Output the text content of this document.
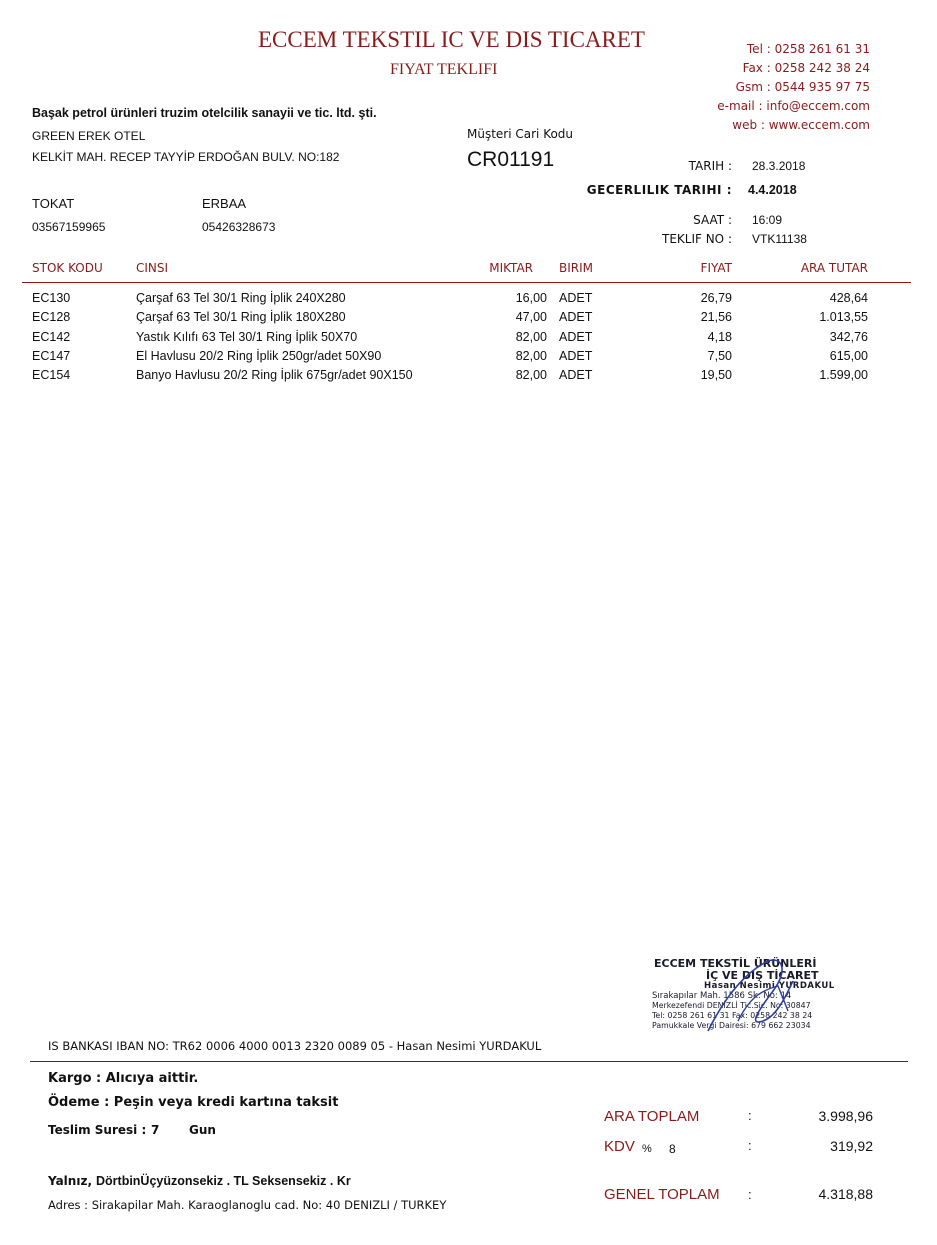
ECCEM TEKSTIL IC VE DIS TICARET
FIYAT TEKLIFI
Tel : 0258 261 61 31
Fax : 0258 242 38 24
Gsm : 0544 935 97 75
e-mail : info@eccem.com
web : www.eccem.com
Başak petrol ürünleri truzim otelcilik sanayii ve tic. ltd. şti.
GREEN EREK OTEL
KELKİT MAH. RECEP TAYYİP ERDOĞAN BULV. NO:182
TOKAT	ERBAA
03567159965	05426328673
Müşteri Cari Kodu
CR01191	TARIH : 28.3.2018
GECERLILIK TARIHI : 4.4.2018
SAAT : 16:09
TEKLIF NO : VTK11138
STOK KODU	CINSI	MIKTAR BIRIM	FIYAT	ARA TUTAR
EC130	Çarşaf 63 Tel 30/1 Ring İplik 240X280	16,00 ADET	26,79	428,64
EC128	Çarşaf 63 Tel 30/1 Ring İplik 180X280	47,00 ADET	21,56	1.013,55
EC142	Yastık Kılıfı 63 Tel 30/1 Ring İplik 50X70	82,00 ADET	4,18	342,76
EC147	El Havlusu 20/2 Ring İplik 250gr/adet 50X90	82,00 ADET	7,50	615,00
EC154	Banyo Havlusu 20/2 Ring İplik 675gr/adet 90X150	82,00 ADET	19,50	1.599,00
ECCEM TEKSTİL ÜRÜNLERİ
İÇ VE DIŞ TİCARET
Hasan Nesimi YURDAKUL
Sırakapılar Mah. 1586 Sk. No: 14
Merkezefendi DENİZLİ Tic.Sic. No: 30847
Tel: 0258 261 61 31 Fax: 0258 242 38 24
Pamukkale Vergi Dairesi: 679 662 23034
IS BANKASI IBAN NO: TR62 0006 4000 0013 2320 0089 05 - Hasan Nesimi YURDAKUL
Kargo : Alıcıya aittir.
Ödeme : Peşin veya kredi kartına taksit
Teslim Suresi : 7 Gun
Yalnız, DörtbinÜçyüzonsekiz . TL Seksensekiz . Kr
Adres : Sirakapilar Mah. Karaoglanoglu cad. No: 40 DENIZLI / TURKEY
ARA TOPLAM	:	3.998,96
KDV % 8	:	319,92
GENEL TOPLAM :	4.318,88
